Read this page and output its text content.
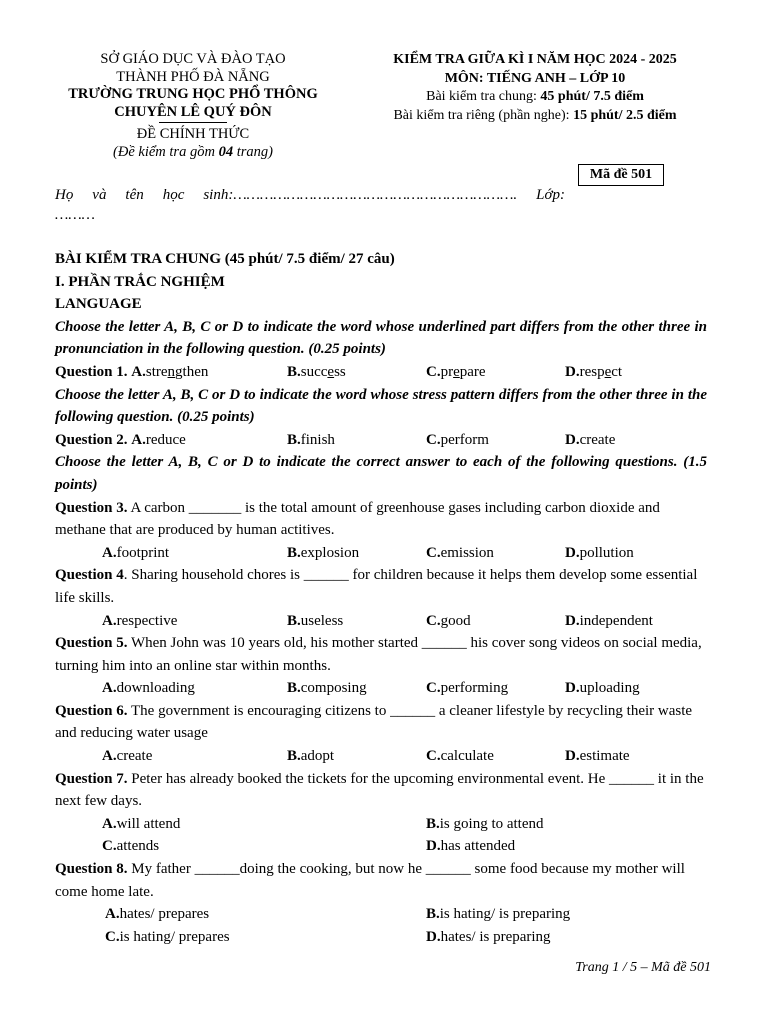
SỞ GIÁO DỤC VÀ ĐÀO TẠO
THÀNH PHỐ ĐÀ NẴNG
TRƯỜNG TRUNG HỌC PHỔ THÔNG
CHUYÊN LÊ QUÝ ĐÔN
ĐỀ CHÍNH THỨC
(Đề kiểm tra gồm 04 trang)
KIỂM TRA GIỮA KÌ I NĂM HỌC 2024 - 2025
MÔN: TIẾNG ANH – LỚP 10
Bài kiểm tra chung: 45 phút/ 7.5 điểm
Bài kiểm tra riêng (phần nghe): 15 phút/ 2.5 điểm
Mã đề 501
Họ và tên học sinh:………………………………………………………. Lớp:
………

BÀI KIỂM TRA CHUNG (45 phút/ 7.5 điểm/ 27 câu)

I. PHẦN TRẮC NGHIỆM

LANGUAGE

Choose the letter A, B, C or D to indicate the word whose underlined part differs from the other three in pronunciation in the following question. (0.25 points)

Question 1. A.strengthen	B.success	C.prepare	D.respect

Choose the letter A, B, C or D to indicate the word whose stress pattern differs from the other three in the following question. (0.25 points)

Question 2. A.reduce	B.finish	C.perform	D.create

Choose the letter A, B, C or D to indicate the correct answer to each of the following questions. (1.5 points)

Question 3. A carbon _______ is the total amount of greenhouse gases including carbon dioxide and methane that are produced by human actitives.

A.footprint	B.explosion	C.emission	D.pollution

Question 4. Sharing household chores is ______ for children because it helps them develop some essential life skills.

A.respective	B.useless	C.good	D.independent

Question 5. When John was 10 years old, his mother started ______ his cover song videos on social media, turning him into an online star within months.

A.downloading	B.composing	C.performing	D.uploading

Question 6. The government is encouraging citizens to ______ a cleaner lifestyle by recycling their waste and reducing water usage

A.create	B.adopt	C.calculate	D.estimate

Question 7. Peter has already booked the tickets for the upcoming environmental event. He ______ it in the next few days.

A.will attend	B.is going to attend
C.attends	D.has attended

Question 8. My father ______doing the cooking, but now he ______ some food because my mother will come home late.

A.hates/ prepares	B.is hating/ is preparing
C.is hating/ prepares	D.hates/ is preparing
Trang 1 / 5 – Mã đề 501
